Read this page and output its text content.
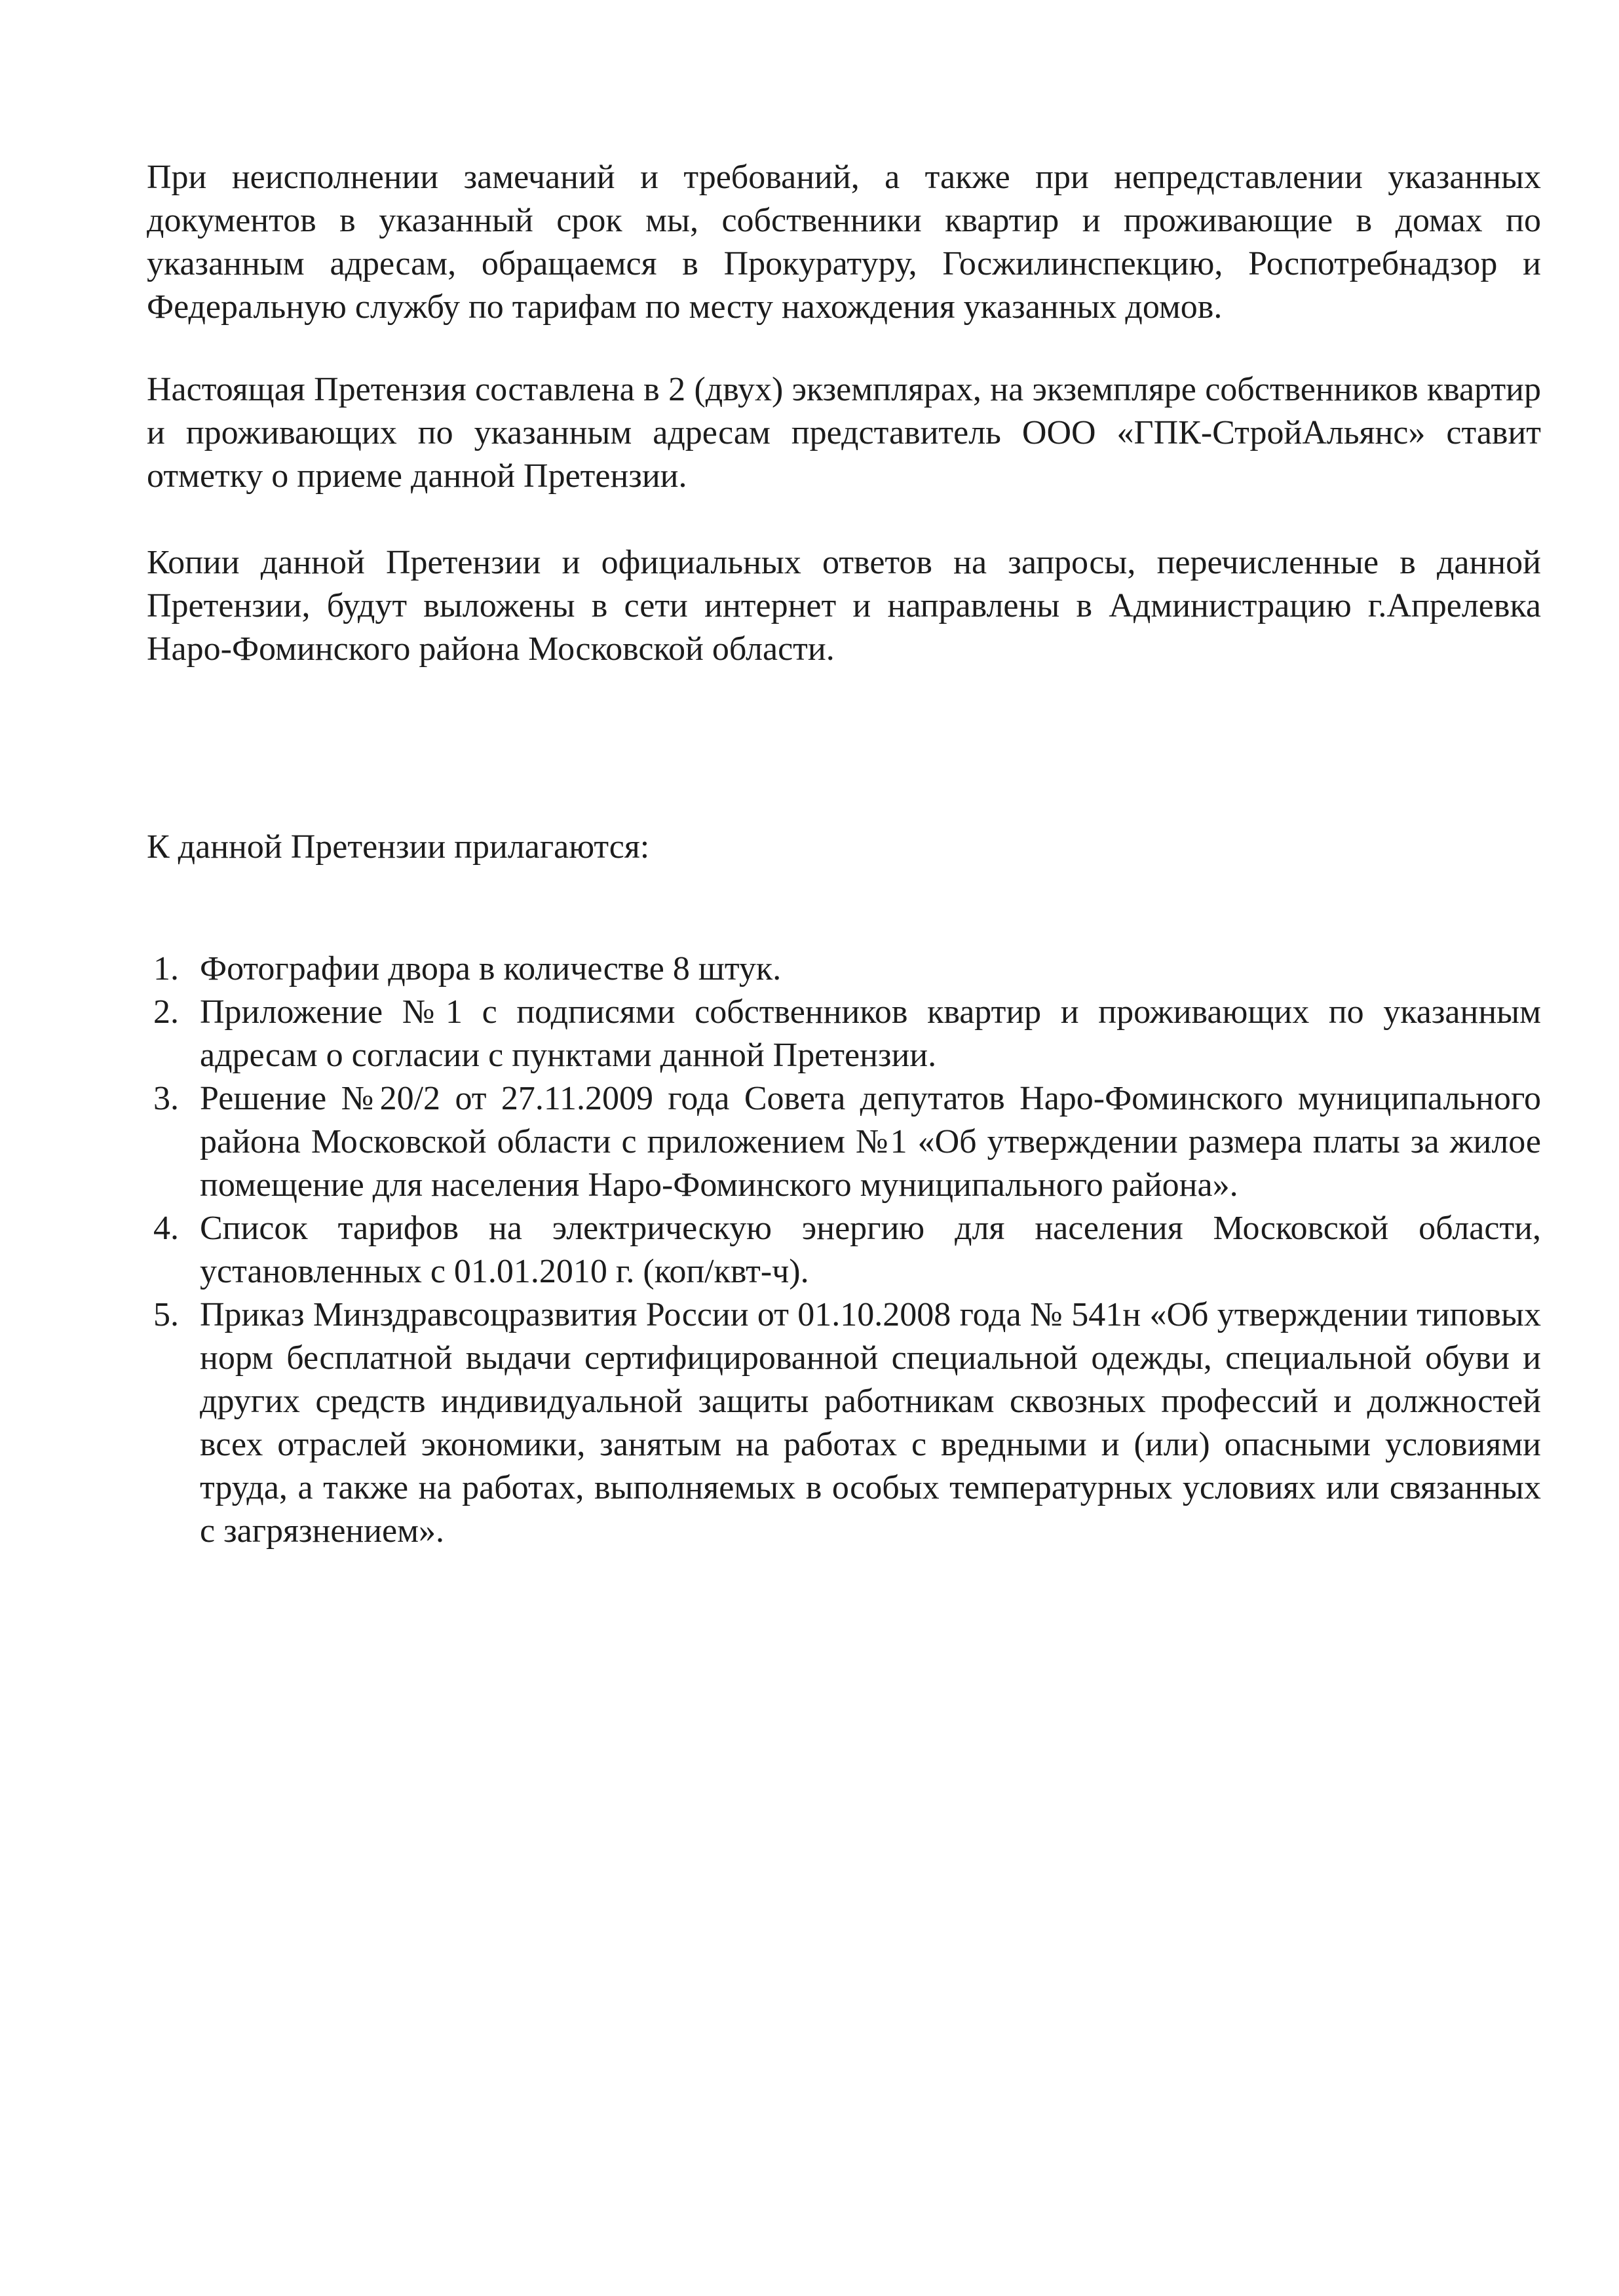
При неисполнении замечаний и требований, а также при непредставлении указанных документов в указанный срок мы, собственники квартир и проживающие в домах по указанным адресам, обращаемся в Прокуратуру, Госжилинспекцию, Роспотребнадзор и Федеральную службу по тарифам по месту нахождения указанных домов.

Настоящая Претензия составлена в 2 (двух) экземплярах, на экземпляре собственников квартир и проживающих по указанным адресам представитель ООО «ГПК-СтройАльянс» ставит отметку о приеме данной Претензии.

Копии данной Претензии и официальных ответов на запросы, перечисленные в данной Претензии, будут выложены в сети интернет и направлены в Администрацию г.Апрелевка Наро-Фоминского района Московской области.

К данной Претензии прилагаются:

1. Фотографии двора в количестве 8 штук.
2. Приложение №1 с подписями собственников квартир и проживающих по указанным адресам о согласии с пунктами данной Претензии.
3. Решение №20/2 от 27.11.2009 года Совета депутатов Наро-Фоминского муниципального района Московской области с приложением №1 «Об утверждении размера платы за жилое помещение для населения Наро-Фоминского муниципального района».
4. Список тарифов на электрическую энергию для населения Московской области, установленных с 01.01.2010 г. (коп/квт-ч).
5. Приказ Минздравсоцразвития России от 01.10.2008 года № 541н «Об утверждении типовых норм бесплатной выдачи сертифицированной специальной одежды, специальной обуви и других средств индивидуальной защиты работникам сквозных профессий и должностей всех отраслей экономики, занятым на работах с вредными и (или) опасными условиями труда, а также на работах, выполняемых в особых температурных условиях или связанных с загрязнением».
